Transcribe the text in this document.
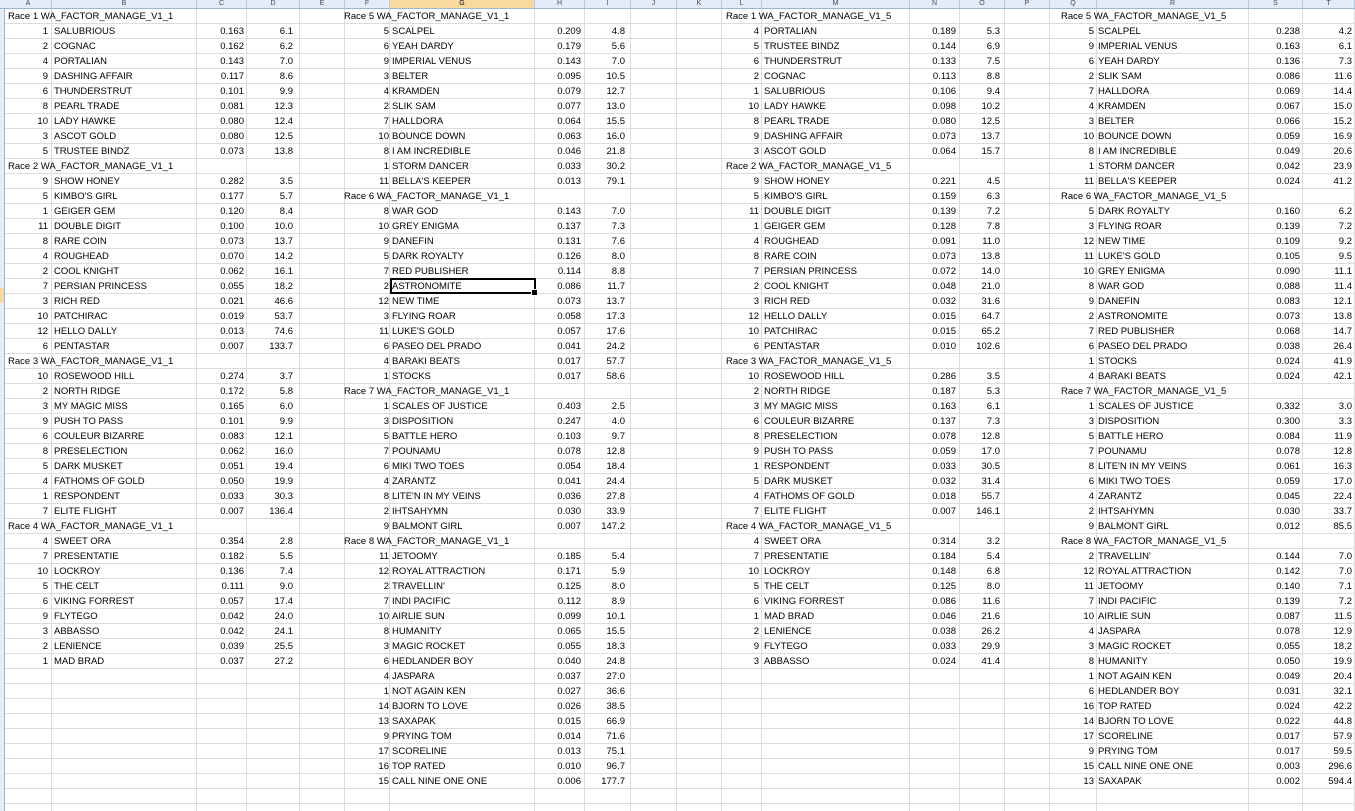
A	B	C	D	E	F	G	H	I	J	K	L	M	N	O	P	Q	R	S	T
Race 1 WA_FACTOR_MANAGE_V1_1
1 SALUBRIOUS	0.163	6.1
2 COGNAC	0.162	6.2
4 PORTALIAN	0.143	7.0
9 DASHING AFFAIR	0.117	8.6
6 THUNDERSTRUT	0.101	9.9
8 PEARL TRADE	0.081	12.3
10 LADY HAWKE	0.080	12.4
3 ASCOT GOLD	0.080	12.5
5 TRUSTEE BINDZ	0.073	13.8
Race 2 WA_FACTOR_MANAGE_V1_1
9 SHOW HONEY	0.282	3.5
5 KIMBO'S GIRL	0.177	5.7
1 GEIGER GEM	0.120	8.4
11 DOUBLE DIGIT	0.100	10.0
8 RARE COIN	0.073	13.7
4 ROUGHEAD	0.070	14.2
2 COOL KNIGHT	0.062	16.1
7 PERSIAN PRINCESS	0.055	18.2
3 RICH RED	0.021	46.6
10 PATCHIRAC	0.019	53.7
12 HELLO DALLY	0.013	74.6
6 PENTASTAR	0.007	133.7
Race 3 WA_FACTOR_MANAGE_V1_1
10 ROSEWOOD HILL	0.274	3.7
2 NORTH RIDGE	0.172	5.8
3 MY MAGIC MISS	0.165	6.0
9 PUSH TO PASS	0.101	9.9
6 COULEUR BIZARRE	0.083	12.1
8 PRESELECTION	0.062	16.0
5 DARK MUSKET	0.051	19.4
4 FATHOMS OF GOLD	0.050	19.9
1 RESPONDENT	0.033	30.3
7 ELITE FLIGHT	0.007	136.4
Race 4 WA_FACTOR_MANAGE_V1_1
4 SWEET ORA	0.354	2.8
7 PRESENTATIE	0.182	5.5
10 LOCKROY	0.136	7.4
5 THE CELT	0.111	9.0
6 VIKING FORREST	0.057	17.4
9 FLYTEGO	0.042	24.0
3 ABBASSO	0.042	24.1
2 LENIENCE	0.039	25.5
1 MAD BRAD	0.037	27.2
Race 5 WA_FACTOR_MANAGE_V1_1
5 SCALPEL	0.209	4.8
6 YEAH DARDY	0.179	5.6
9 IMPERIAL VENUS	0.143	7.0
3 BELTER	0.095	10.5
4 KRAMDEN	0.079	12.7
2 SLIK SAM	0.077	13.0
7 HALLDORA	0.064	15.5
10 BOUNCE DOWN	0.063	16.0
8 I AM INCREDIBLE	0.046	21.8
1 STORM DANCER	0.033	30.2
11 BELLA'S KEEPER	0.013	79.1
Race 6 WA_FACTOR_MANAGE_V1_1
8 WAR GOD	0.143	7.0
10 GREY ENIGMA	0.137	7.3
9 DANEFIN	0.131	7.6
5 DARK ROYALTY	0.126	8.0
7 RED PUBLISHER	0.114	8.8
2 ASTRONOMITE	0.086	11.7
12 NEW TIME	0.073	13.7
3 FLYING ROAR	0.058	17.3
11 LUKE'S GOLD	0.057	17.6
6 PASEO DEL PRADO	0.041	24.2
4 BARAKI BEATS	0.017	57.7
1 STOCKS	0.017	58.6
Race 7 WA_FACTOR_MANAGE_V1_1
1 SCALES OF JUSTICE	0.403	2.5
3 DISPOSITION	0.247	4.0
5 BATTLE HERO	0.103	9.7
7 POUNAMU	0.078	12.8
6 MIKI TWO TOES	0.054	18.4
4 ZARANTZ	0.041	24.4
8 LITE'N IN MY VEINS	0.036	27.8
2 IHTSAHYMN	0.030	33.9
9 BALMONT GIRL	0.007	147.2
Race 8 WA_FACTOR_MANAGE_V1_1
11 JETOOMY	0.185	5.4
12 ROYAL ATTRACTION	0.171	5.9
2 TRAVELLIN'	0.125	8.0
7 INDI PACIFIC	0.112	8.9
10 AIRLIE SUN	0.099	10.1
8 HUMANITY	0.065	15.5
3 MAGIC ROCKET	0.055	18.3
6 HEDLANDER BOY	0.040	24.8
4 JASPARA	0.037	27.0
1 NOT AGAIN KEN	0.027	36.6
14 BJORN TO LOVE	0.026	38.5
13 SAXAPAK	0.015	66.9
9 PRYING TOM	0.014	71.6
17 SCORELINE	0.013	75.1
16 TOP RATED	0.010	96.7
15 CALL NINE ONE ONE	0.006	177.7
Race 1 WA_FACTOR_MANAGE_V1_5
4 PORTALIAN	0.189	5.3
5 TRUSTEE BINDZ	0.144	6.9
6 THUNDERSTRUT	0.133	7.5
2 COGNAC	0.113	8.8
1 SALUBRIOUS	0.106	9.4
10 LADY HAWKE	0.098	10.2
8 PEARL TRADE	0.080	12.5
9 DASHING AFFAIR	0.073	13.7
3 ASCOT GOLD	0.064	15.7
Race 2 WA_FACTOR_MANAGE_V1_5
9 SHOW HONEY	0.221	4.5
5 KIMBO'S GIRL	0.159	6.3
11 DOUBLE DIGIT	0.139	7.2
1 GEIGER GEM	0.128	7.8
4 ROUGHEAD	0.091	11.0
8 RARE COIN	0.073	13.8
7 PERSIAN PRINCESS	0.072	14.0
2 COOL KNIGHT	0.048	21.0
3 RICH RED	0.032	31.6
12 HELLO DALLY	0.015	64.7
10 PATCHIRAC	0.015	65.2
6 PENTASTAR	0.010	102.6
Race 3 WA_FACTOR_MANAGE_V1_5
10 ROSEWOOD HILL	0.286	3.5
2 NORTH RIDGE	0.187	5.3
3 MY MAGIC MISS	0.163	6.1
6 COULEUR BIZARRE	0.137	7.3
8 PRESELECTION	0.078	12.8
9 PUSH TO PASS	0.059	17.0
1 RESPONDENT	0.033	30.5
5 DARK MUSKET	0.032	31.4
4 FATHOMS OF GOLD	0.018	55.7
7 ELITE FLIGHT	0.007	146.1
Race 4 WA_FACTOR_MANAGE_V1_5
4 SWEET ORA	0.314	3.2
7 PRESENTATIE	0.184	5.4
10 LOCKROY	0.148	6.8
5 THE CELT	0.125	8.0
6 VIKING FORREST	0.086	11.6
1 MAD BRAD	0.046	21.6
2 LENIENCE	0.038	26.2
9 FLYTEGO	0.033	29.9
3 ABBASSO	0.024	41.4
Race 5 WA_FACTOR_MANAGE_V1_5
5 SCALPEL	0.238	4.2
9 IMPERIAL VENUS	0.163	6.1
6 YEAH DARDY	0.136	7.3
2 SLIK SAM	0.086	11.6
7 HALLDORA	0.069	14.4
4 KRAMDEN	0.067	15.0
3 BELTER	0.066	15.2
10 BOUNCE DOWN	0.059	16.9
8 I AM INCREDIBLE	0.049	20.6
1 STORM DANCER	0.042	23.9
11 BELLA'S KEEPER	0.024	41.2
Race 6 WA_FACTOR_MANAGE_V1_5
5 DARK ROYALTY	0.160	6.2
3 FLYING ROAR	0.139	7.2
12 NEW TIME	0.109	9.2
11 LUKE'S GOLD	0.105	9.5
10 GREY ENIGMA	0.090	11.1
8 WAR GOD	0.088	11.4
9 DANEFIN	0.083	12.1
2 ASTRONOMITE	0.073	13.8
7 RED PUBLISHER	0.068	14.7
6 PASEO DEL PRADO	0.038	26.4
1 STOCKS	0.024	41.9
4 BARAKI BEATS	0.024	42.1
Race 7 WA_FACTOR_MANAGE_V1_5
1 SCALES OF JUSTICE	0.332	3.0
3 DISPOSITION	0.300	3.3
5 BATTLE HERO	0.084	11.9
7 POUNAMU	0.078	12.8
8 LITE'N IN MY VEINS	0.061	16.3
6 MIKI TWO TOES	0.059	17.0
4 ZARANTZ	0.045	22.4
2 IHTSAHYMN	0.030	33.7
9 BALMONT GIRL	0.012	85.5
Race 8 WA_FACTOR_MANAGE_V1_5
2 TRAVELLIN'	0.144	7.0
12 ROYAL ATTRACTION	0.142	7.0
11 JETOOMY	0.140	7.1
7 INDI PACIFIC	0.139	7.2
10 AIRLIE SUN	0.087	11.5
4 JASPARA	0.078	12.9
3 MAGIC ROCKET	0.055	18.2
8 HUMANITY	0.050	19.9
1 NOT AGAIN KEN	0.049	20.4
6 HEDLANDER BOY	0.031	32.1
16 TOP RATED	0.024	42.2
14 BJORN TO LOVE	0.022	44.8
17 SCORELINE	0.017	57.9
9 PRYING TOM	0.017	59.5
15 CALL NINE ONE ONE	0.003	296.6
13 SAXAPAK	0.002	594.4
